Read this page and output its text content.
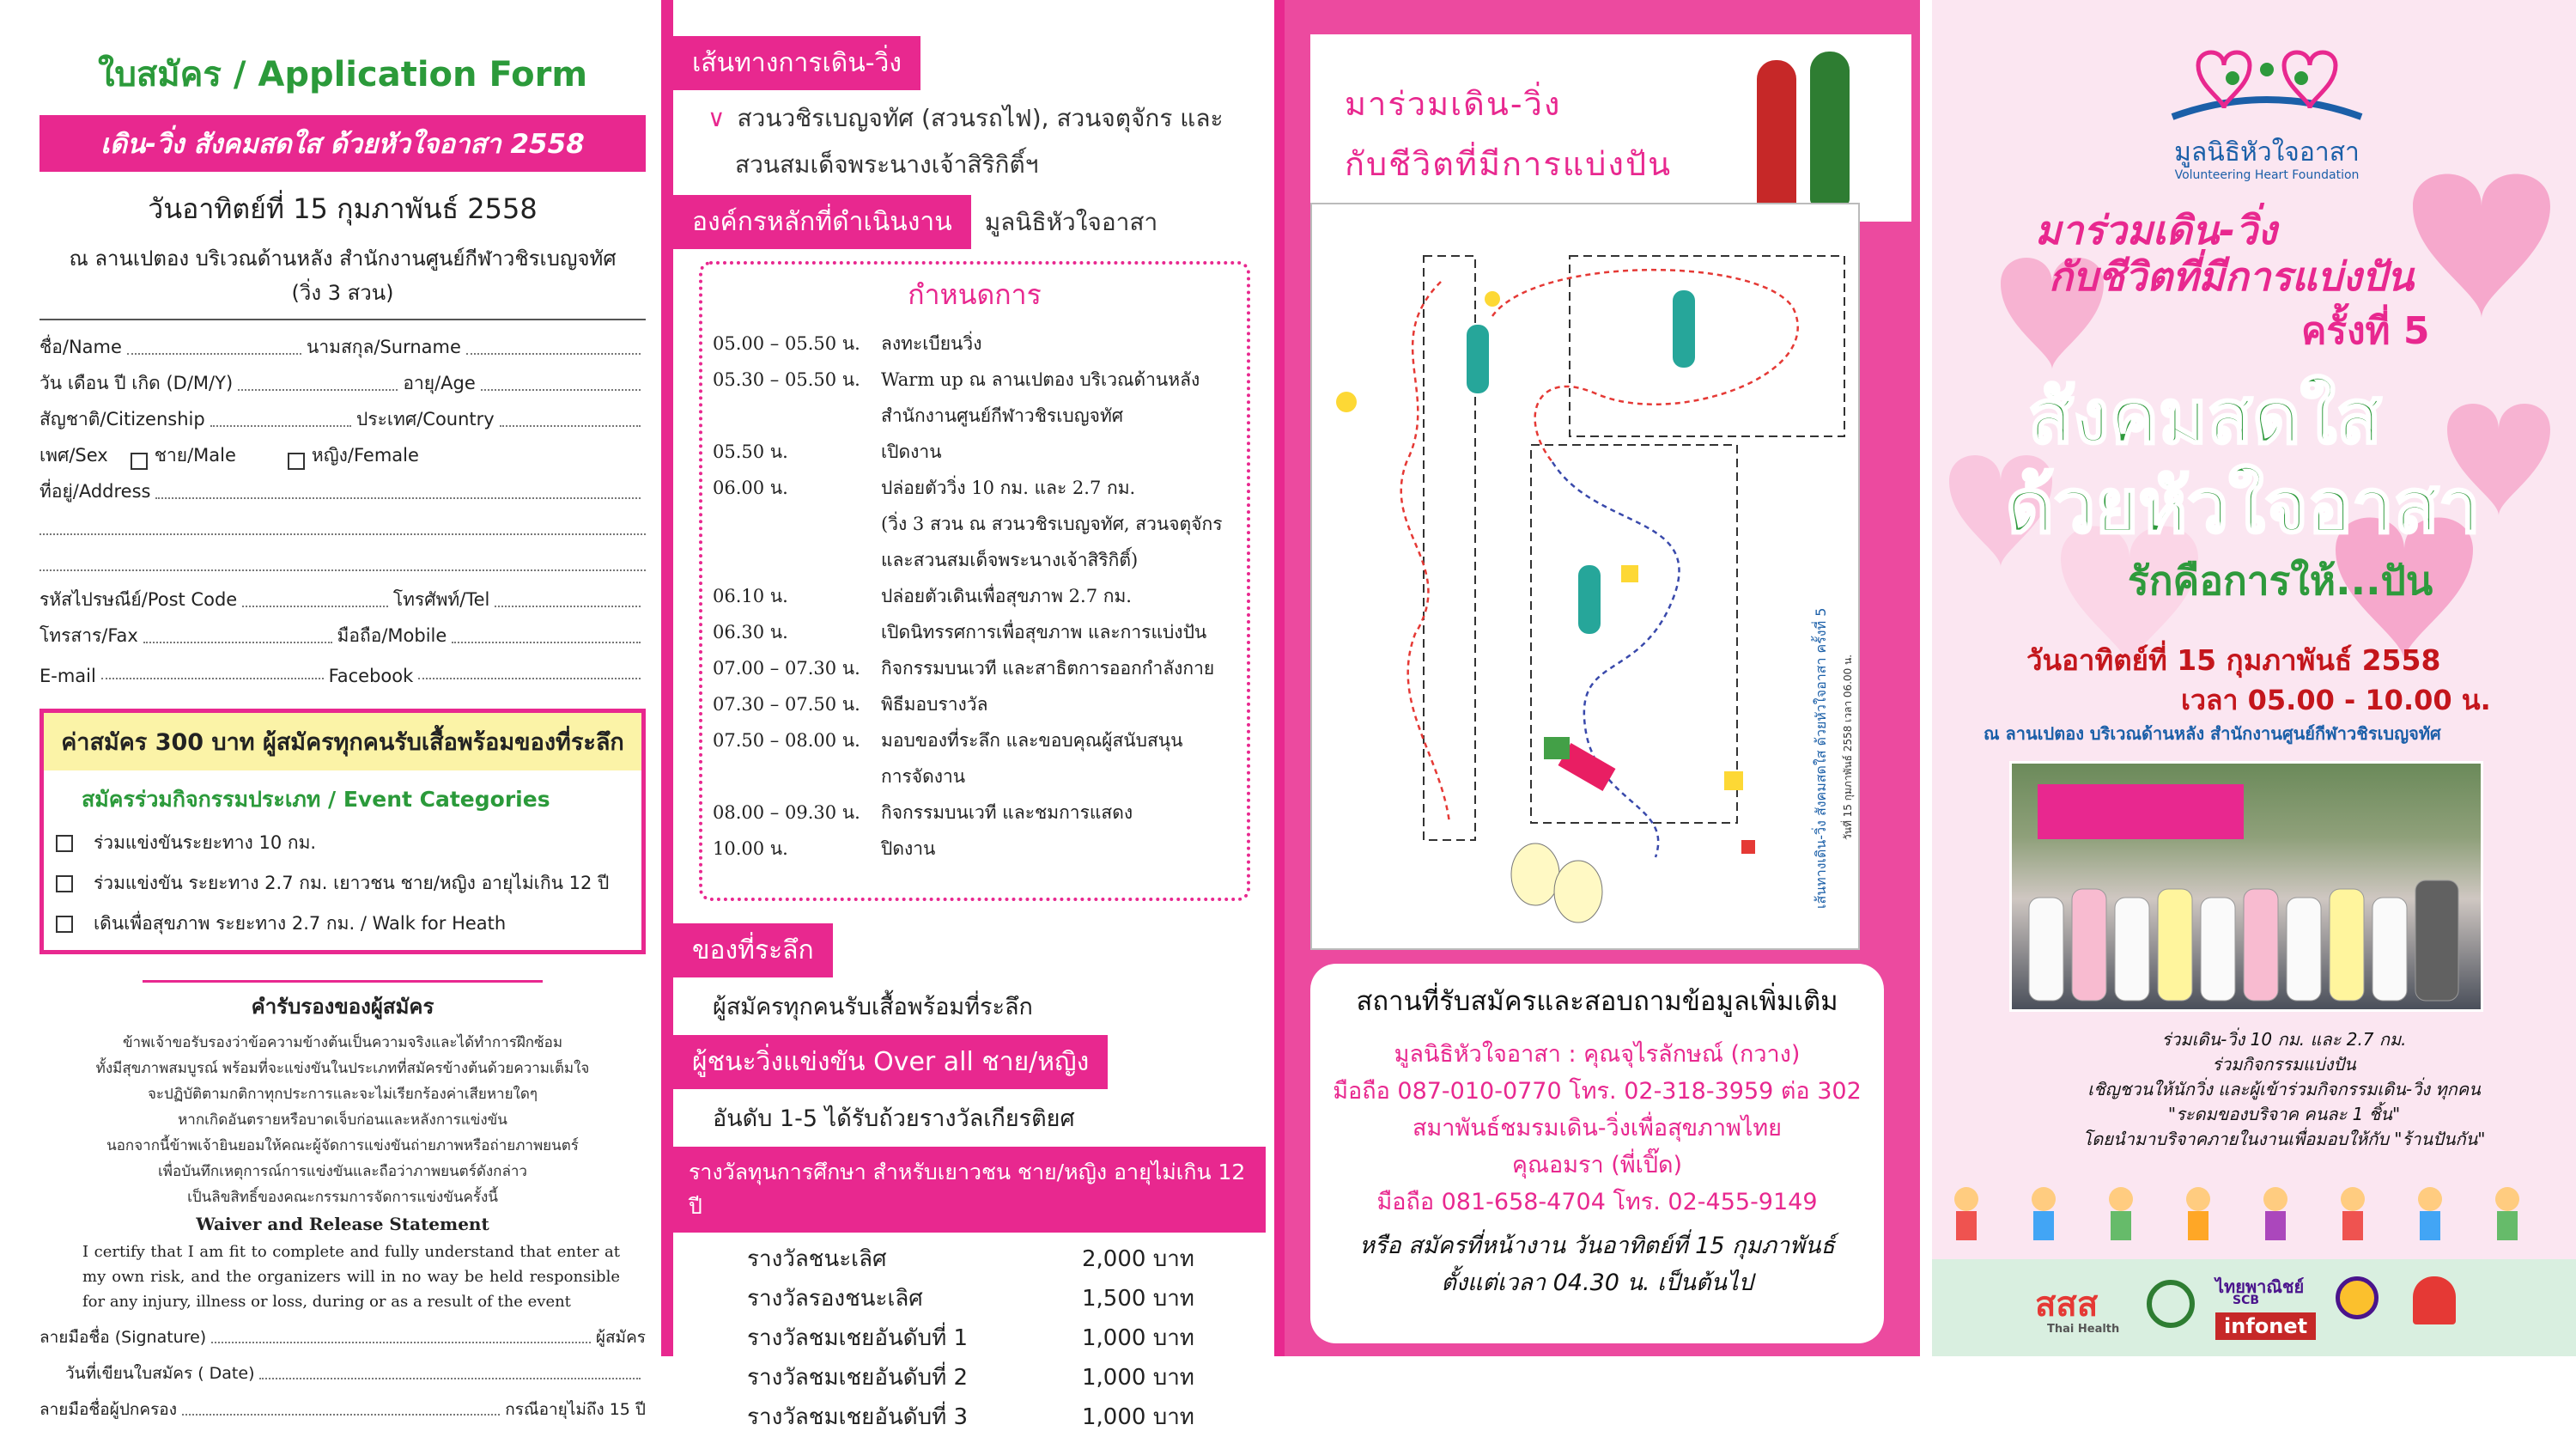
ใบสมัคร / Application Form
เดิน-วิ่ง สังคมสดใส ด้วยหัวใจอาสา 2558
วันอาทิตย์ที่ 15 กุมภาพันธ์ 2558
ณ ลานเปตอง บริเวณด้านหลัง สำนักงานศูนย์กีฬาวชิรเบญจทัศ
(วิ่ง 3 สวน)
ชื่อ/Name	นามสกุล/Surname
วัน เดือน ปี เกิด (D/M/Y)	อายุ/Age
สัญชาติ/Citizenship	ประเทศ/Country
เพศ/Sex	ชาย/Male	หญิง/Female
ที่อยู่/Address
รหัสไปรษณีย์/Post Code	โทรศัพท์/Tel
โทรสาร/Fax	มือถือ/Mobile
E-mail	Facebook
ค่าสมัคร 300 บาท ผู้สมัครทุกคนรับเสื้อพร้อมของที่ระลึก
สมัครร่วมกิจกรรมประเภท / Event Categories
ร่วมแข่งขันระยะทาง 10 กม.
ร่วมแข่งขัน ระยะทาง 2.7 กม. เยาวชน ชาย/หญิง อายุไม่เกิน 12 ปี
เดินเพื่อสุขภาพ ระยะทาง 2.7 กม. / Walk for Heath
คำรับรองของผู้สมัคร
ข้าพเจ้าขอรับรองว่าข้อความข้างต้นเป็นความจริงและได้ทำการฝึกซ้อม
ทั้งมีสุขภาพสมบูรณ์ พร้อมที่จะแข่งขันในประเภทที่สมัครข้างต้นด้วยความเต็มใจ
จะปฏิบัติตามกติกาทุกประการและจะไม่เรียกร้องค่าเสียหายใดๆ
หากเกิดอันตรายหรือบาดเจ็บก่อนและหลังการแข่งขัน
นอกจากนี้ข้าพเจ้ายินยอมให้คณะผู้จัดการแข่งขันถ่ายภาพหรือถ่ายภาพยนตร์
เพื่อบันทึกเหตุการณ์การแข่งขันและถือว่าภาพยนตร์ดังกล่าว
เป็นลิขสิทธิ์ของคณะกรรมการจัดการแข่งขันครั้งนี้
Waiver and Release Statement
I certify that I am fit to complete and fully understand that enter at my own risk, and the organizers will in no way be held responsible for any injury, illness or loss, during or as a result of the event
ลายมือชื่อ (Signature)	ผู้สมัคร
วันที่เขียนใบสมัคร ( Date)
ลายมือชื่อผู้ปกครอง	กรณีอายุไม่ถึง 15 ปี
เส้นทางการเดิน-วิ่ง
∨ สวนวชิรเบญจทัศ (สวนรถไฟ), สวนจตุจักร และ
สวนสมเด็จพระนางเจ้าสิริกิติ์ฯ
องค์กรหลักที่ดำเนินงาน	มูลนิธิหัวใจอาสา
กำหนดการ
05.00 – 05.50 น.	ลงทะเบียนวิ่ง
05.30 – 05.50 น.	Warm up ณ ลานเปตอง บริเวณด้านหลัง
สำนักงานศูนย์กีฬาวชิรเบญจทัศ
05.50 น.	เปิดงาน
06.00 น.	ปล่อยตัววิ่ง 10 กม. และ 2.7 กม.
(วิ่ง 3 สวน ณ สวนวชิรเบญจทัศ, สวนจตุจักร
และสวนสมเด็จพระนางเจ้าสิริกิติ์)
06.10 น.	ปล่อยตัวเดินเพื่อสุขภาพ 2.7 กม.
06.30 น.	เปิดนิทรรศการเพื่อสุขภาพ และการแบ่งปัน
07.00 – 07.30 น.	กิจกรรมบนเวที และสาธิตการออกกำลังกาย
07.30 – 07.50 น.	พิธีมอบรางวัล
07.50 – 08.00 น.	มอบของที่ระลึก และขอบคุณผู้สนับสนุน
การจัดงาน
08.00 – 09.30 น.	กิจกรรมบนเวที และชมการแสดง
10.00 น.	ปิดงาน
ของที่ระลึก
ผู้สมัครทุกคนรับเสื้อพร้อมที่ระลึก
ผู้ชนะวิ่งแข่งขัน Over all ชาย/หญิง
อันดับ 1-5 ได้รับถ้วยรางวัลเกียรติยศ
รางวัลทุนการศึกษา สำหรับเยาวชน ชาย/หญิง อายุไม่เกิน 12 ปี
รางวัลชนะเลิศ	2,000 บาท
รางวัลรองชนะเลิศ	1,500 บาท
รางวัลชมเชยอันดับที่ 1	1,000 บาท
รางวัลชมเชยอันดับที่ 2	1,000 บาท
รางวัลชมเชยอันดับที่ 3	1,000 บาท
มาร่วมเดิน-วิ่ง
กับชีวิตที่มีการแบ่งปัน
เส้นทางเดิน-วิ่ง สังคมสดใส ด้วยหัวใจอาสา ครั้งที่ 5	วันที่ 15 กุมภาพันธ์ 2558 เวลา 06.00 น.
สถานที่รับสมัครและสอบถามข้อมูลเพิ่มเติม
มูลนิธิหัวใจอาสา : คุณจุไรลักษณ์ (กวาง)
มือถือ 087-010-0770 โทร. 02-318-3959 ต่อ 302
สมาพันธ์ชมรมเดิน-วิ่งเพื่อสุขภาพไทย
คุณอมรา (พี่เปิ๊ด)
มือถือ 081-658-4704 โทร. 02-455-9149
หรือ สมัครที่หน้างาน วันอาทิตย์ที่ 15 กุมภาพันธ์
ตั้งแต่เวลา 04.30 น. เป็นต้นไป
มูลนิธิหัวใจอาสา
Volunteering Heart Foundation
มาร่วมเดิน-วิ่ง
กับชีวิตที่มีการแบ่งปัน
ครั้งที่ 5
สังคมสดใส
ด้วยหัวใจอาสา
รักคือการให้...ปัน
วันอาทิตย์ที่ 15 กุมภาพันธ์ 2558
เวลา 05.00 - 10.00 น.
ณ ลานเปตอง บริเวณด้านหลัง สำนักงานศูนย์กีฬาวชิรเบญจทัศ
ร่วมเดิน-วิ่ง 10 กม. และ 2.7 กม.
ร่วมกิจกรรมแบ่งปัน
เชิญชวนให้นักวิ่ง และผู้เข้าร่วมกิจกรรมเดิน-วิ่ง ทุกคน
"ระดมของบริจาค คนละ 1 ชิ้น"
โดยนำมาบริจาคภายในงานเพื่อมอบให้กับ "ร้านปันกัน"
สสส
Thai Health
ไทยพาณิชย์
SCB
infonet
